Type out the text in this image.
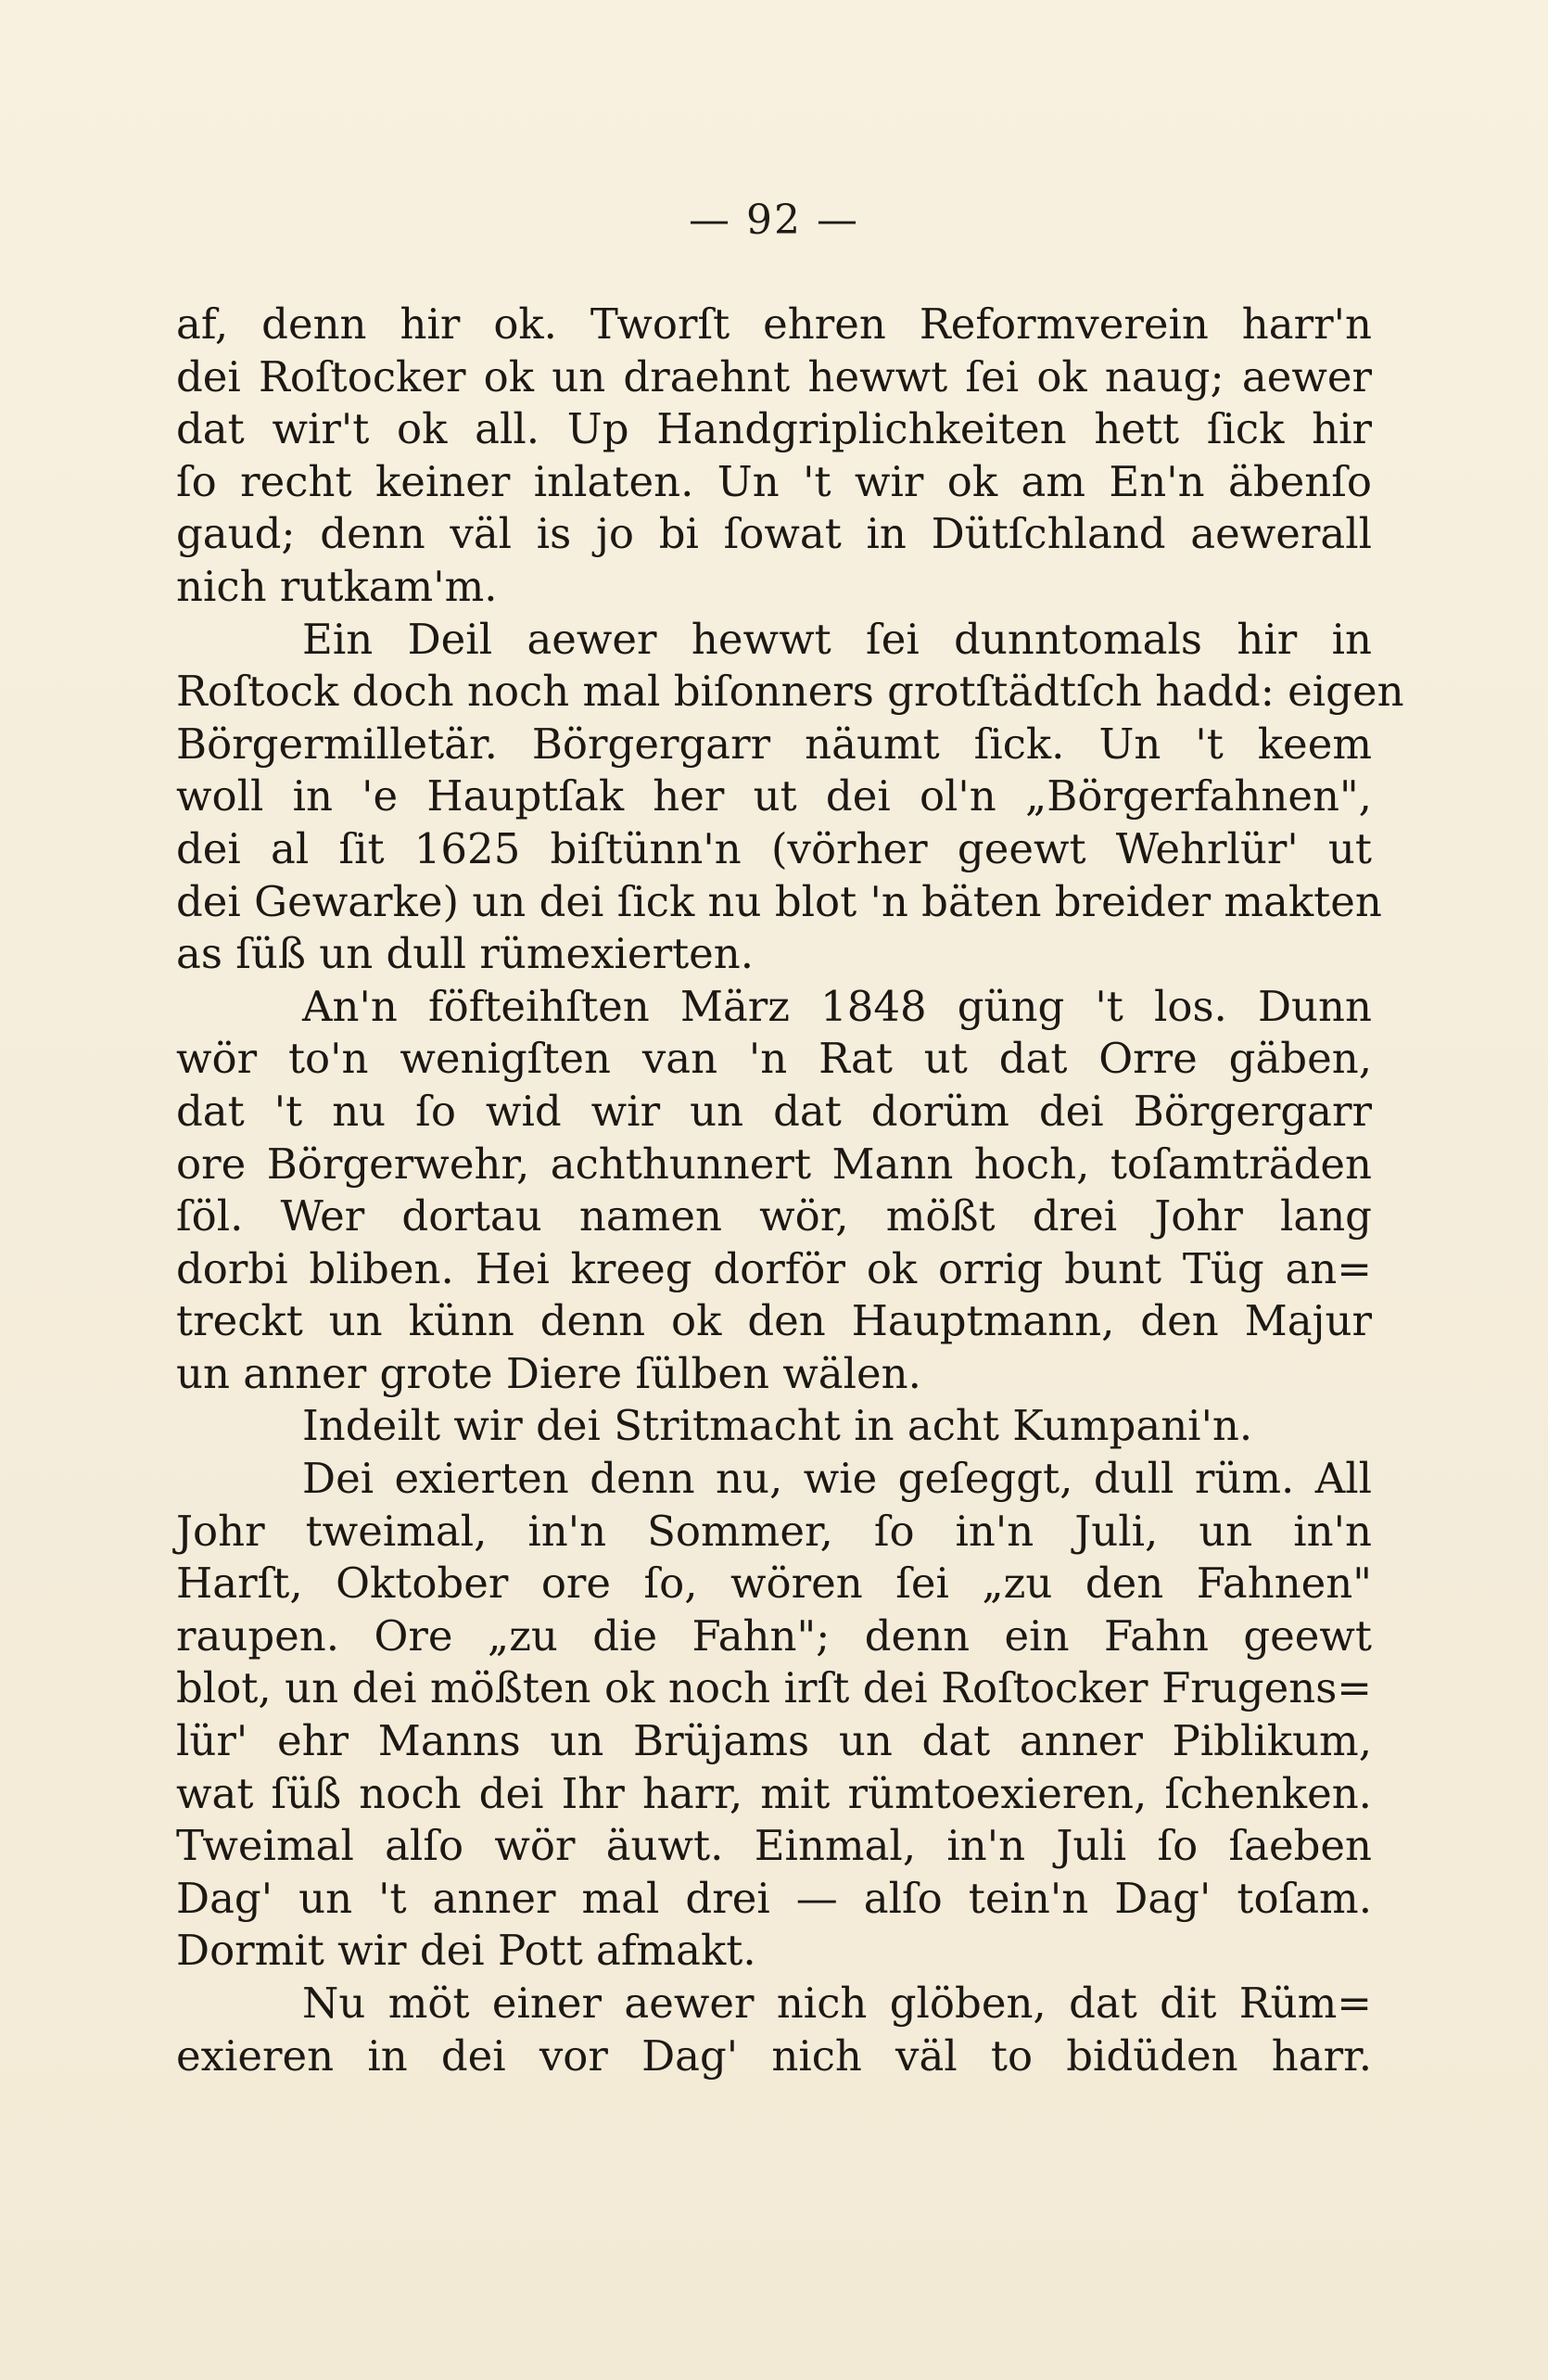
— 92 —
af, denn hir ok. Tworſt ehren Reformverein harr'n
dei Roſtocker ok un draehnt hewwt ſei ok naug; aewer
dat wir't ok all. Up Handgriplichkeiten hett ſick hir
ſo recht keiner inlaten. Un 't wir ok am En'n äbenſo
gaud; denn väl is jo bi ſowat in Dütſchland aewerall
nich rutkam'm.
Ein Deil aewer hewwt ſei dunntomals hir in
Roſtock doch noch mal biſonners grotſtädtſch hadd: eigen
Börgermilletär. Börgergarr näumt ſick. Un 't keem
woll in 'e Hauptſak her ut dei ol'n „Börgerfahnen",
dei al ſit 1625 biſtünn'n (vörher geewt Wehrlür' ut
dei Gewarke) un dei ſick nu blot 'n bäten breider makten
as ſüß un dull rümexierten.
An'n föfteihſten März 1848 güng 't los. Dunn
wör to'n wenigſten van 'n Rat ut dat Orre gäben,
dat 't nu ſo wid wir un dat dorüm dei Börgergarr
ore Börgerwehr, achthunnert Mann hoch, toſamträden
ſöl. Wer dortau namen wör, mößt drei Johr lang
dorbi bliben. Hei kreeg dorför ok orrig bunt Tüg an=
treckt un künn denn ok den Hauptmann, den Majur
un anner grote Diere ſülben wälen.
Indeilt wir dei Stritmacht in acht Kumpani'n.
Dei exierten denn nu, wie geſeggt, dull rüm. All
Johr tweimal, in'n Sommer, ſo in'n Juli, un in'n
Harſt, Oktober ore ſo, wören ſei „zu den Fahnen"
raupen. Ore „zu die Fahn"; denn ein Fahn geewt
blot, un dei mößten ok noch irſt dei Roſtocker Frugens=
lür' ehr Manns un Brüjams un dat anner Piblikum,
wat ſüß noch dei Ihr harr, mit rümtoexieren, ſchenken.
Tweimal alſo wör äuwt. Einmal, in'n Juli ſo ſaeben
Dag' un 't anner mal drei — alſo tein'n Dag' toſam.
Dormit wir dei Pott afmakt.
Nu möt einer aewer nich glöben, dat dit Rüm=
exieren in dei vor Dag' nich väl to bidüden harr.
